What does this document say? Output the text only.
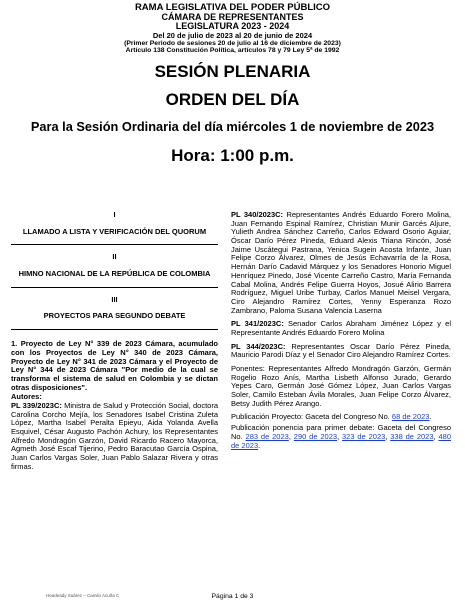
RAMA LEGISLATIVA DEL PODER PÚBLICO
CÁMARA DE REPRESENTANTES
LEGISLATURA 2023 - 2024
Del 20 de julio de 2023 al 20 de junio de 2024
(Primer Periodo de sesiones 20 de julio al 16 de diciembre de 2023)
Artículo 138 Constitución Política, artículos 78 y 79 Ley 5ª de 1992
SESIÓN PLENARIA
ORDEN DEL DÍA
Para la Sesión Ordinaria del día miércoles 1 de noviembre de 2023
Hora: 1:00 p.m.
I
LLAMADO A LISTA Y VERIFICACIÓN DEL QUORUM
II
HIMNO NACIONAL DE LA REPÚBLICA DE COLOMBIA
III
PROYECTOS PARA SEGUNDO DEBATE
1. Proyecto de Ley N° 339 de 2023 Cámara, acumulado con los Proyectos de Ley N° 340 de 2023 Cámara, Proyecto de Ley N° 341 de 2023 Cámara y el Proyecto de Ley N° 344 de 2023 Cámara "Por medio de la cual se transforma el sistema de salud en Colombia y se dictan otras disposiciones".
Autores:
PL 339/2023C: Ministra de Salud y Protección Social, doctora Carolina Corcho Mejía, los Senadores Isabel Cristina Zuleta López, Martha Isabel Peralta Epieyu, Aida Yolanda Avella Esquivel, César Augusto Pachón Achury, los Representantes Alfredo Mondragón Garzón, David Ricardo Racero Mayorca, Agmeth José Escaf Tijerino, Pedro Baracutao García Ospina, Juan Carlos Vargas Soler, Juan Pablo Salazar Rivera y otras firmas.
PL 340/2023C: Representantes Andrés Eduardo Forero Molina, Juan Fernando Espinal Ramírez, Christian Munir Garcés Aljure, Yulieth Andrea Sánchez Carreño, Carlos Edward Osorio Aguiar, Óscar Darío Pérez Pineda, Eduard Alexis Triana Rincón, José Jaime Uscátegui Pastrana, Yenica Sugein Acosta Infante, Juan Felipe Corzo Álvarez, Olmes de Jesús Echavarría de la Rosa, Hernán Darío Cadavid Márquez y los Senadores Honorio Miguel Henríquez Pinedo, José Vicente Carreño Castro, María Fernanda Cabal Molina, Andrés Felipe Guerra Hoyos, Josué Alirio Barrera Rodríguez, Miguel Uribe Turbay, Carlos Manuel Meisel Vergara, Ciro Alejandro Ramírez Cortes, Yenny Esperanza Rozo Zambrano, Paloma Susana Valencia Laserna
PL 341/2023C: Senador Carlos Abraham Jiménez López y el Representante Andrés Eduardo Forero Molina
PL 344/2023C: Representantes Oscar Darío Pérez Pineda, Mauricio Parodi Díaz y el Senador Ciro Alejandro Ramírez Cortes.
Ponentes: Representantes Alfredo Mondragón Garzón, Germán Rogelio Rozo Anís, Martha Lisbeth Alfonso Jurado, Gerardo Yepes Caro, Germán José Gómez López, Juan Carlos Vargas Soler, Camilo Esteban Ávila Morales, Juan Felipe Corzo Álvarez, Betsy Judith Pérez Arango.
Publicación Proyecto: Gaceta del Congreso No. 68 de 2023.
Publicación ponencia para primer debate: Gaceta del Congreso No. 283 de 2023, 290 de 2023, 323 de 2023, 338 de 2023, 480 de 2023.
Headeady Suárez – Camilo Acuña C	Página 1 de 3
